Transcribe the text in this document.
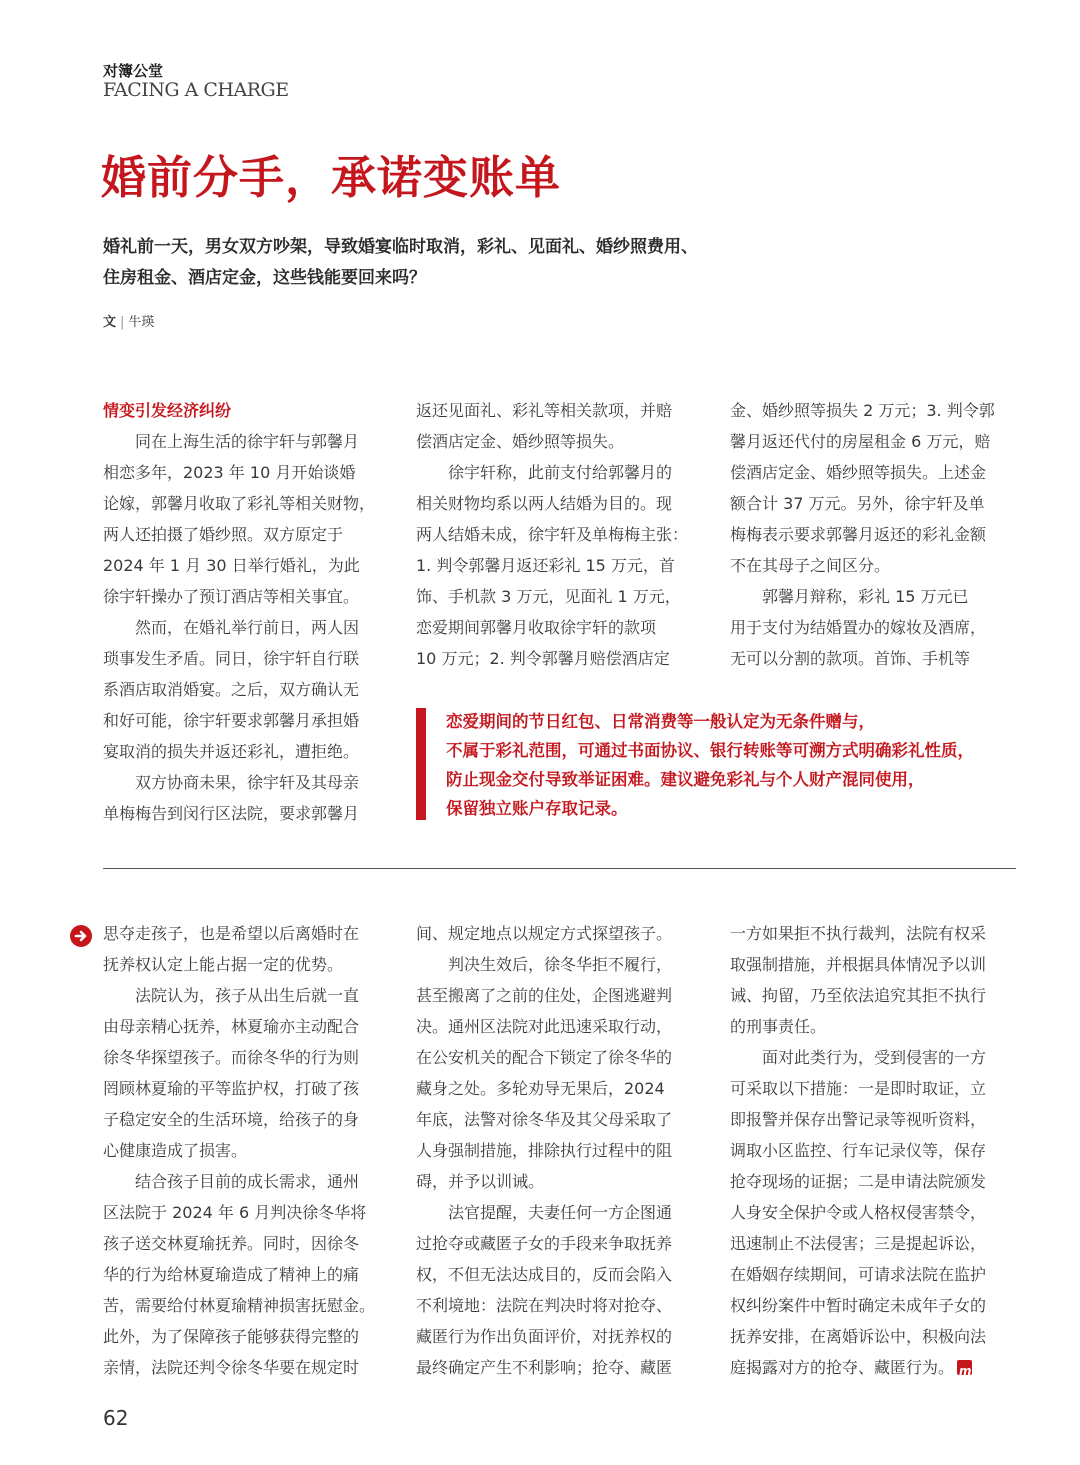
对簿公堂
FACING A CHARGE
婚前分手，承诺变账单
婚礼前一天，男女双方吵架，导致婚宴临时取消，彩礼、见面礼、婚纱照费用、
住房租金、酒店定金，这些钱能要回来吗？
文 | 牛瑛
情变引发经济纠纷
　　同在上海生活的徐宇轩与郭馨月
相恋多年，2023 年 10 月开始谈婚
论嫁，郭馨月收取了彩礼等相关财物，
两人还拍摄了婚纱照。双方原定于
2024 年 1 月 30 日举行婚礼，为此
徐宇轩操办了预订酒店等相关事宜。
　　然而，在婚礼举行前日，两人因
琐事发生矛盾。同日，徐宇轩自行联
系酒店取消婚宴。之后，双方确认无
和好可能，徐宇轩要求郭馨月承担婚
宴取消的损失并返还彩礼，遭拒绝。
　　双方协商未果，徐宇轩及其母亲
单梅梅告到闵行区法院，要求郭馨月
返还见面礼、彩礼等相关款项，并赔
偿酒店定金、婚纱照等损失。
　　徐宇轩称，此前支付给郭馨月的
相关财物均系以两人结婚为目的。现
两人结婚未成，徐宇轩及单梅梅主张：
1. 判令郭馨月返还彩礼 15 万元，首
饰、手机款 3 万元，见面礼 1 万元，
恋爱期间郭馨月收取徐宇轩的款项
10 万元；2. 判令郭馨月赔偿酒店定
金、婚纱照等损失 2 万元；3. 判令郭
馨月返还代付的房屋租金 6 万元，赔
偿酒店定金、婚纱照等损失。上述金
额合计 37 万元。另外，徐宇轩及单
梅梅表示要求郭馨月返还的彩礼金额
不在其母子之间区分。
　　郭馨月辩称，彩礼 15 万元已
用于支付为结婚置办的嫁妆及酒席，
无可以分割的款项。首饰、手机等
恋爱期间的节日红包、日常消费等一般认定为无条件赠与，
不属于彩礼范围，可通过书面协议、银行转账等可溯方式明确彩礼性质，
防止现金交付导致举证困难。建议避免彩礼与个人财产混同使用，
保留独立账户存取记录。
思夺走孩子，也是希望以后离婚时在
抚养权认定上能占据一定的优势。
　　法院认为，孩子从出生后就一直
由母亲精心抚养，林夏瑜亦主动配合
徐冬华探望孩子。而徐冬华的行为则
罔顾林夏瑜的平等监护权，打破了孩
子稳定安全的生活环境，给孩子的身
心健康造成了损害。
　　结合孩子目前的成长需求，通州
区法院于 2024 年 6 月判决徐冬华将
孩子送交林夏瑜抚养。同时，因徐冬
华的行为给林夏瑜造成了精神上的痛
苦，需要给付林夏瑜精神损害抚慰金。
此外，为了保障孩子能够获得完整的
亲情，法院还判令徐冬华要在规定时
间、规定地点以规定方式探望孩子。
　　判决生效后，徐冬华拒不履行，
甚至搬离了之前的住处，企图逃避判
决。通州区法院对此迅速采取行动，
在公安机关的配合下锁定了徐冬华的
藏身之处。多轮劝导无果后，2024
年底，法警对徐冬华及其父母采取了
人身强制措施，排除执行过程中的阻
碍，并予以训诫。
　　法官提醒，夫妻任何一方企图通
过抢夺或藏匿子女的手段来争取抚养
权，不但无法达成目的，反而会陷入
不利境地：法院在判决时将对抢夺、
藏匿行为作出负面评价，对抚养权的
最终确定产生不利影响；抢夺、藏匿
一方如果拒不执行裁判，法院有权采
取强制措施，并根据具体情况予以训
诫、拘留，乃至依法追究其拒不执行
的刑事责任。
　　面对此类行为，受到侵害的一方
可采取以下措施：一是即时取证，立
即报警并保存出警记录等视听资料，
调取小区监控、行车记录仪等，保存
抢夺现场的证据；二是申请法院颁发
人身安全保护令或人格权侵害禁令，
迅速制止不法侵害；三是提起诉讼，
在婚姻存续期间，可请求法院在监护
权纠纷案件中暂时确定未成年子女的
抚养安排，在离婚诉讼中，积极向法
庭揭露对方的抢夺、藏匿行为。 m
62
